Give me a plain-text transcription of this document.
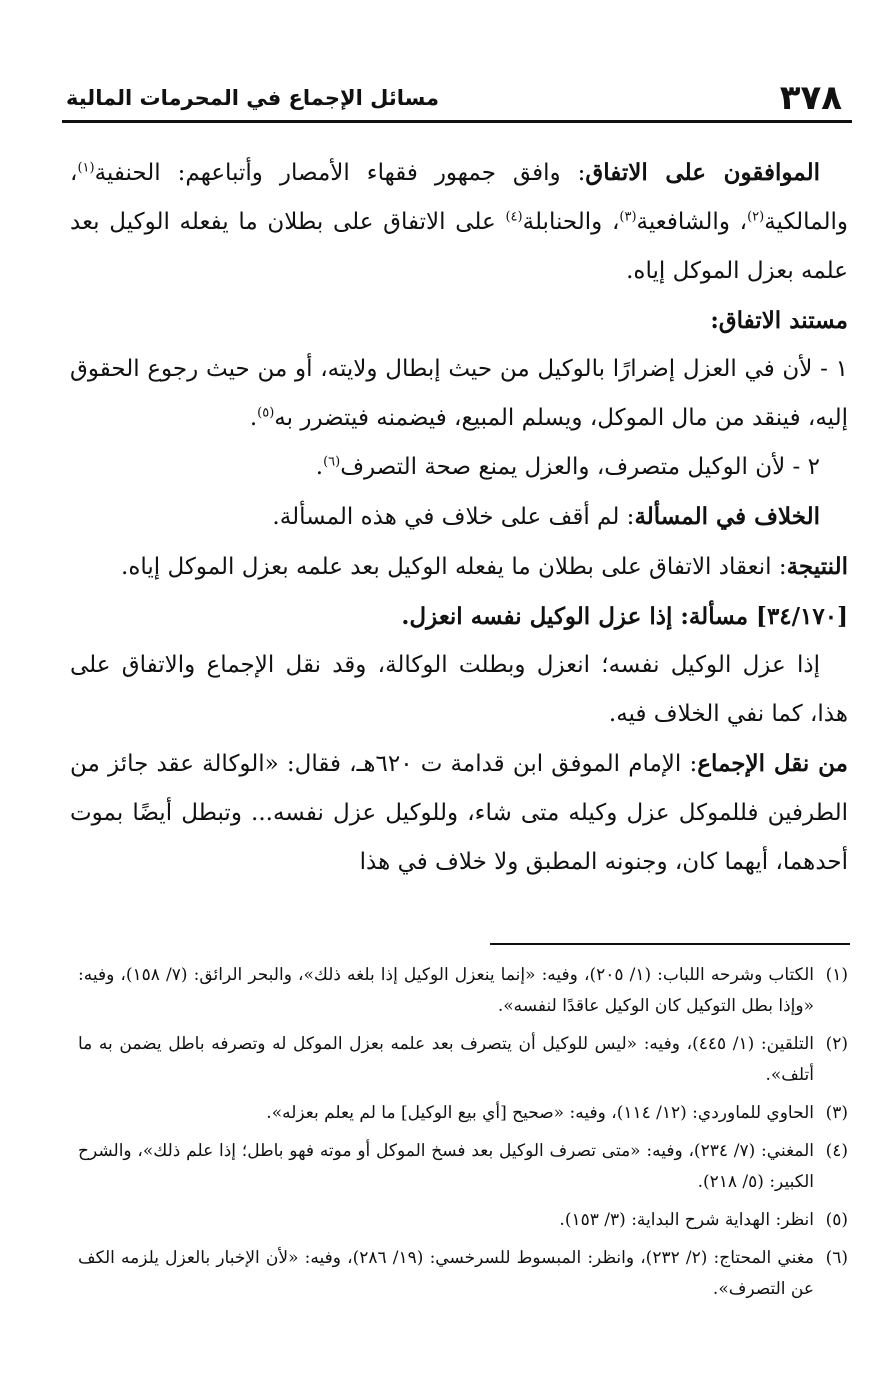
٣٧٨
مسائل الإجماع في المحرمات المالية

الموافقون على الاتفاق: وافق جمهور فقهاء الأمصار وأتباعهم: الحنفية$^{(١)}$، والمالكية$^{(٢)}$، والشافعية$^{(٣)}$، والحنابلة$^{(٤)}$ على الاتفاق على بطلان ما يفعله الوكيل بعد علمه بعزل الموكل إياه.

مستند الاتفاق:

١ - لأن في العزل إضرارًا بالوكيل من حيث إبطال ولايته، أو من حيث رجوع الحقوق إليه، فينقد من مال الموكل، ويسلم المبيع، فيضمنه فيتضرر به$^{(٥)}$.

٢ - لأن الوكيل متصرف، والعزل يمنع صحة التصرف$^{(٦)}$.

الخلاف في المسألة: لم أقف على خلاف في هذه المسألة.

النتيجة: انعقاد الاتفاق على بطلان ما يفعله الوكيل بعد علمه بعزل الموكل إياه.

[٣٤/١٧٠] مسألة: إذا عزل الوكيل نفسه انعزل.

إذا عزل الوكيل نفسه؛ انعزل وبطلت الوكالة، وقد نقل الإجماع والاتفاق على هذا، كما نفي الخلاف فيه.

من نقل الإجماع: الإمام الموفق ابن قدامة ت ٦٢٠هـ، فقال: «الوكالة عقد جائز من الطرفين فللموكل عزل وكيله متى شاء، وللوكيل عزل نفسه... وتبطل أيضًا بموت أحدهما، أيهما كان، وجنونه المطبق ولا خلاف في هذا

(١)
الكتاب وشرحه اللباب: (١/ ٢٠٥)، وفيه: «إنما ينعزل الوكيل إذا بلغه ذلك»، والبحر الرائق: (٧/ ١٥٨)، وفيه: «وإذا بطل التوكيل كان الوكيل عاقدًا لنفسه».

(٢)
التلقين: (١/ ٤٤٥)، وفيه: «ليس للوكيل أن يتصرف بعد علمه بعزل الموكل له وتصرفه باطل يضمن به ما أتلف».

(٣)
الحاوي للماوردي: (١٢/ ١١٤)، وفيه: «صحيح [أي بيع الوكيل] ما لم يعلم بعزله».

(٤)
المغني: (٧/ ٢٣٤)، وفيه: «متى تصرف الوكيل بعد فسخ الموكل أو موته فهو باطل؛ إذا علم ذلك»، والشرح الكبير: (٥/ ٢١٨).

(٥)
انظر: الهداية شرح البداية: (٣/ ١٥٣).

(٦)
مغني المحتاج: (٢/ ٢٣٢)، وانظر: المبسوط للسرخسي: (١٩/ ٢٨٦)، وفيه: «لأن الإخبار بالعزل يلزمه الكف عن التصرف».
